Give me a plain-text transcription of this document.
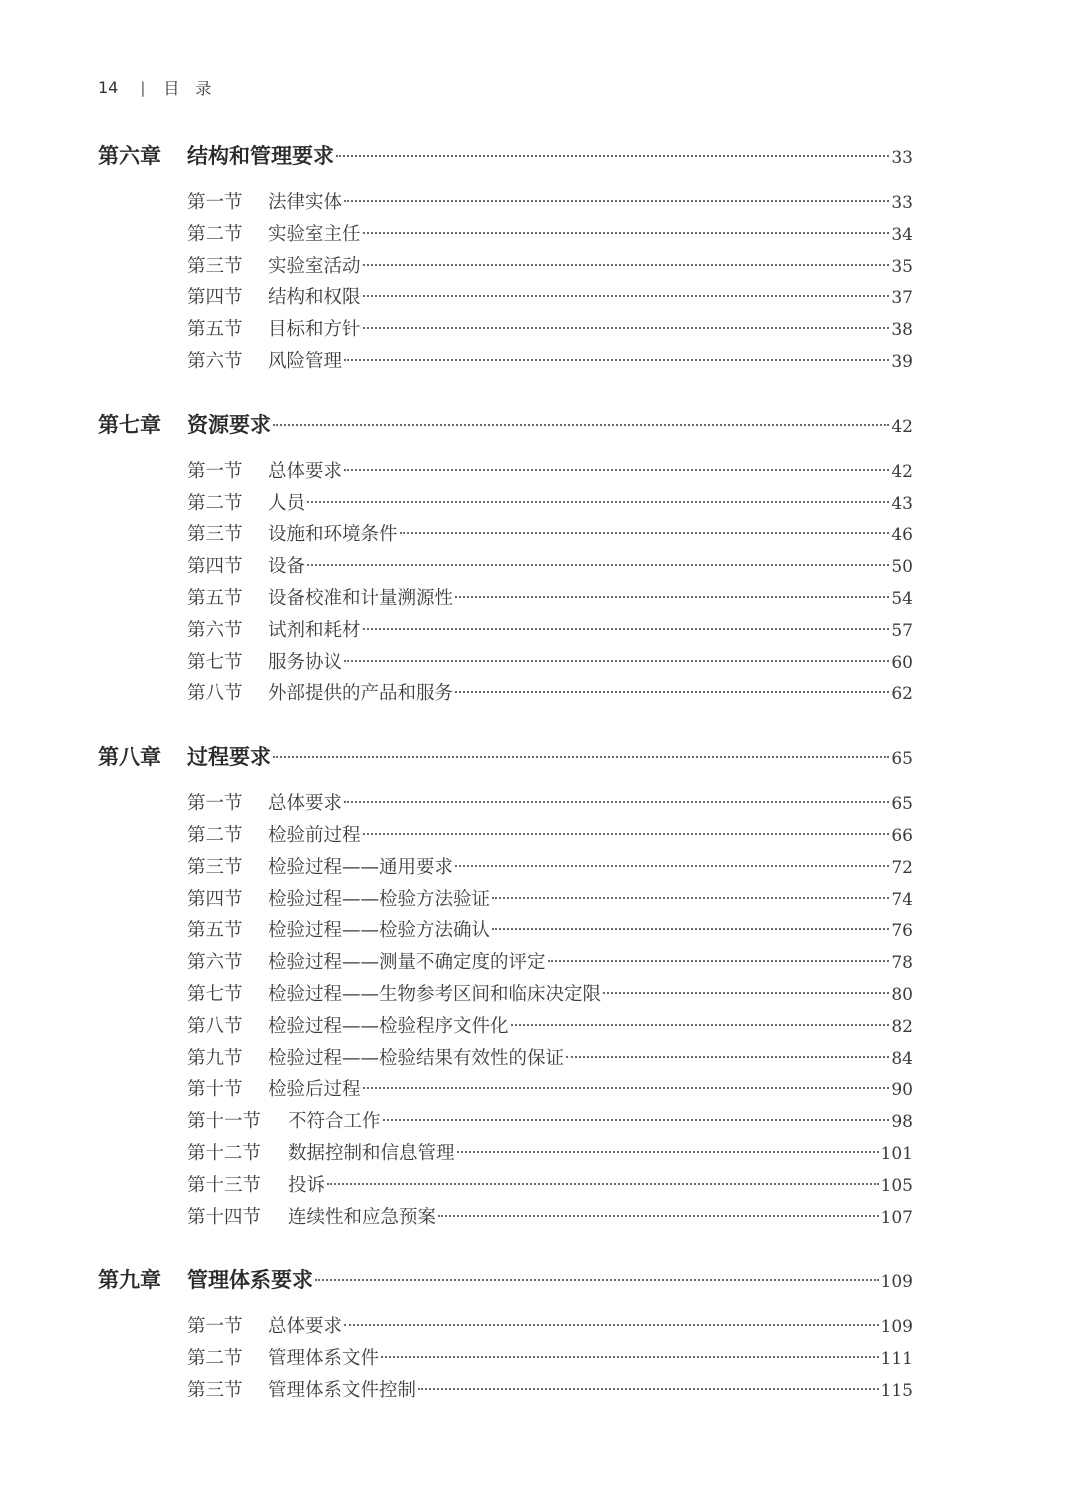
14 | 目录
第六章	结构和管理要求	33
第一节	法律实体	33
第二节	实验室主任	34
第三节	实验室活动	35
第四节	结构和权限	37
第五节	目标和方针	38
第六节	风险管理	39
第七章	资源要求	42
第一节	总体要求	42
第二节	人员	43
第三节	设施和环境条件	46
第四节	设备	50
第五节	设备校准和计量溯源性	54
第六节	试剂和耗材	57
第七节	服务协议	60
第八节	外部提供的产品和服务	62
第八章	过程要求	65
第一节	总体要求	65
第二节	检验前过程	66
第三节	检验过程——通用要求	72
第四节	检验过程——检验方法验证	74
第五节	检验过程——检验方法确认	76
第六节	检验过程——测量不确定度的评定	78
第七节	检验过程——生物参考区间和临床决定限	80
第八节	检验过程——检验程序文件化	82
第九节	检验过程——检验结果有效性的保证	84
第十节	检验后过程	90
第十一节	不符合工作	98
第十二节	数据控制和信息管理	101
第十三节	投诉	105
第十四节	连续性和应急预案	107
第九章	管理体系要求	109
第一节	总体要求	109
第二节	管理体系文件	111
第三节	管理体系文件控制	115
